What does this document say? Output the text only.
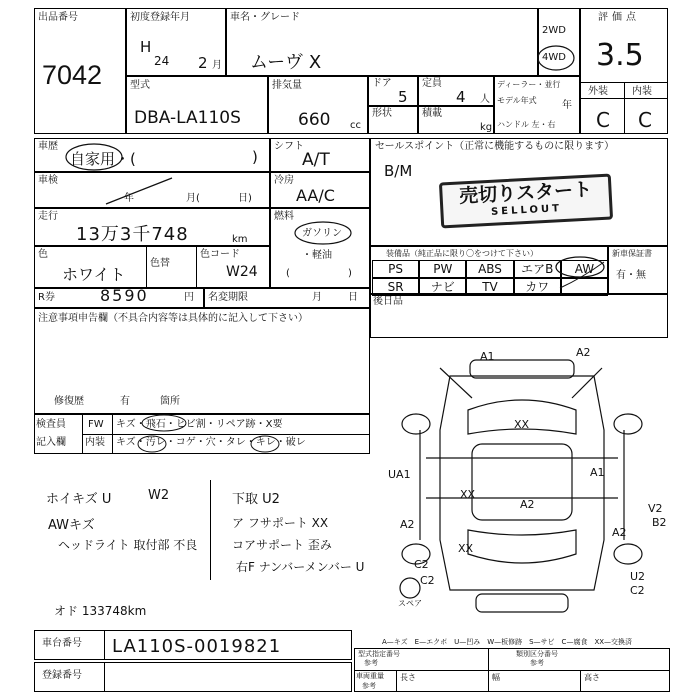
出品番号
7042
初度登録年月
H
24 2 月
車名・グレード
ムーヴ X
2WD
4WD
評価点
3.5
外装 内装
C C
型式
DBA-LA110S
排気量
660 cc
ドア
5
定員
4 人
形状	積載
kg
ディーラー・並行
モデル年式	年
ハンドル 左・右
車歴
自家用・(	)
シフト
A/T
セールスポイント（正常に機能するものに限ります）
B/M
売切りスタート
SELLOUT
車検
年	月(	日)
冷房
AA/C
走行
13万3千748	km
燃料
ガソリン
・軽油
(	)
色
ホワイト
色替
色コード
W24
装備品（純正品に限り〇をつけて下さい）
PS	PW	ABS	エアB	AW
SR	ナビ	TV	カワ
新車保証書
有・無
R券	8590	円 名変期限	月	日 後日品
注意事項申告欄（不具合内容等は具体的に記入して下さい）
修復歴	有	箇所
検査員
記入欄
FW キズ・飛石・ヒビ割・リペア跡・X要
内装 キズ・汚レ・コゲ・穴・タレ・キレ・破レ
ホイキズ U	W2
AWキズ
ヘッドライト 取付部 不良
オド 133748km
下取 U2
ア フサポート XX
コアサポート 歪み
右F ナンバーメンバー U
A1	A2
XX
UA1	A1
XX
A2	V2
A2	B2
A2
XX
C2
C2	U2
C2
スペア
A—キズ　E—エクボ　U—凹み　W—板修跡　S—サビ　C—腐食　XX—交換済
車台番号 LA110S-0019821
登録番号
型式指定番号
参考
類別区分番号
参考
車両重量
参考
長さ	幅	高さ
